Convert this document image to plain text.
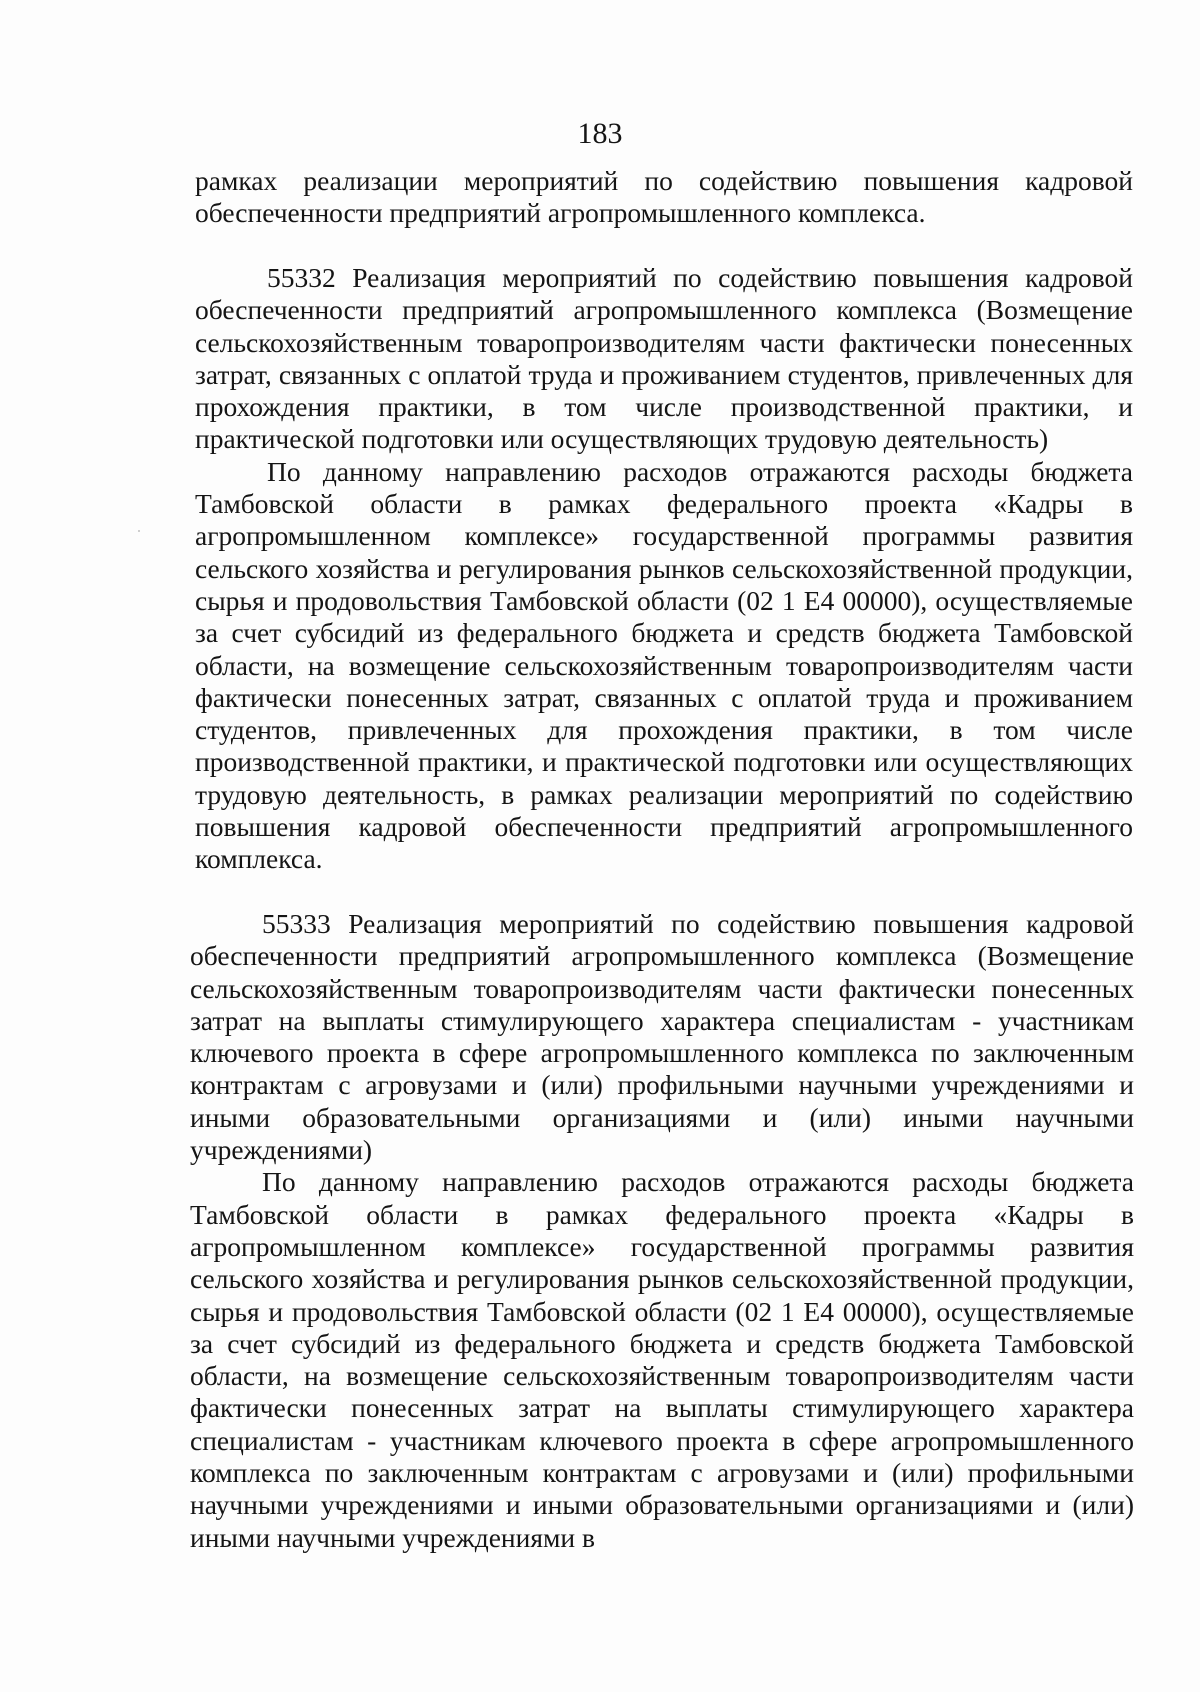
183

рамках реализации мероприятий по содействию повышения кадровой обеспеченности предприятий агропромышленного комплекса.

55332 Реализация мероприятий по содействию повышения кадровой обеспеченности предприятий агропромышленного комплекса (Возмещение сельскохозяйственным товаропроизводителям части фактически понесенных затрат, связанных с оплатой труда и проживанием студентов, привлеченных для прохождения практики, в том числе производственной практики, и практической подготовки или осуществляющих трудовую деятельность)

По данному направлению расходов отражаются расходы бюджета Тамбовской области в рамках федерального проекта «Кадры в агропромышленном комплексе» государственной программы развития сельского хозяйства и регулирования рынков сельскохозяйственной продукции, сырья и продовольствия Тамбовской области (02 1 Е4 00000), осуществляемые за счет субсидий из федерального бюджета и средств бюджета Тамбовской области, на возмещение сельскохозяйственным товаропроизводителям части фактически понесенных затрат, связанных с оплатой труда и проживанием студентов, привлеченных для прохождения практики, в том числе производственной практики, и практической подготовки или осуществляющих трудовую деятельность, в рамках реализации мероприятий по содействию повышения кадровой обеспеченности предприятий агропромышленного комплекса.

55333 Реализация мероприятий по содействию повышения кадровой обеспеченности предприятий агропромышленного комплекса (Возмещение сельскохозяйственным товаропроизводителям части фактически понесенных затрат на выплаты стимулирующего характера специалистам - участникам ключевого проекта в сфере агропромышленного комплекса по заключенным контрактам с агровузами и (или) профильными научными учреждениями и иными образовательными организациями и (или) иными научными учреждениями)

По данному направлению расходов отражаются расходы бюджета Тамбовской области в рамках федерального проекта «Кадры в агропромышленном комплексе» государственной программы развития сельского хозяйства и регулирования рынков сельскохозяйственной продукции, сырья и продовольствия Тамбовской области (02 1 Е4 00000), осуществляемые за счет субсидий из федерального бюджета и средств бюджета Тамбовской области, на возмещение сельскохозяйственным товаропроизводителям части фактически понесенных затрат на выплаты стимулирующего характера специалистам - участникам ключевого проекта в сфере агропромышленного комплекса по заключенным контрактам с агровузами и (или) профильными научными учреждениями и иными образовательными организациями и (или) иными научными учреждениями в
